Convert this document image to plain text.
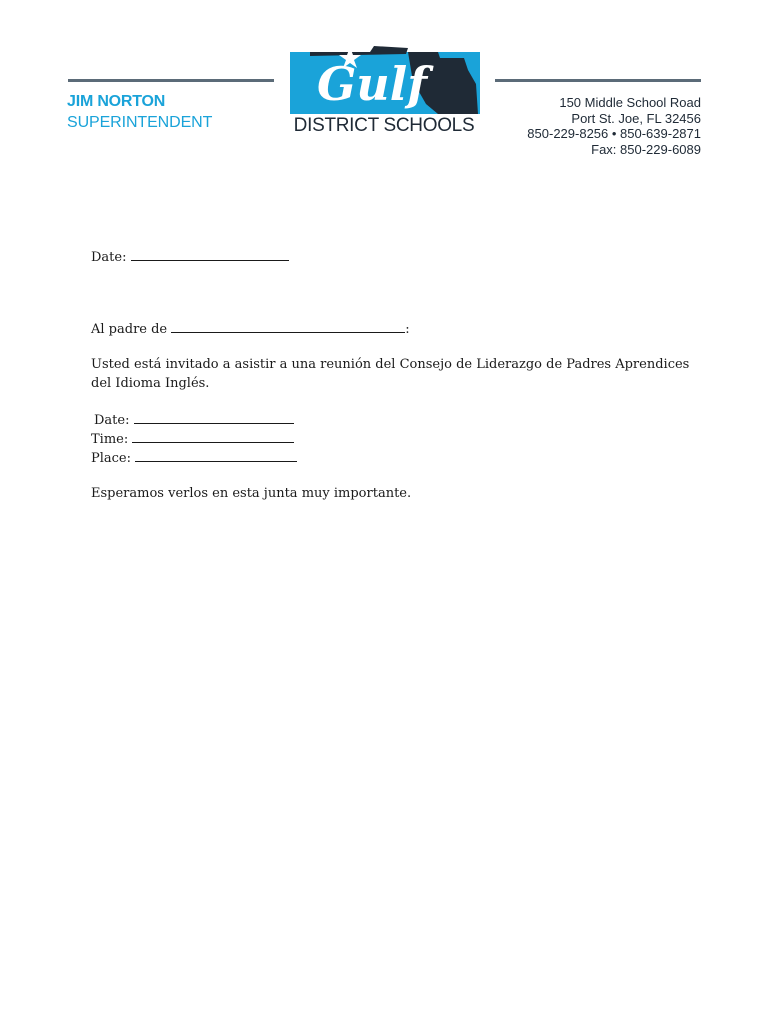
JIM NORTON
SUPERINTENDENT
Gulf
DISTRICT SCHOOLS
150 Middle School Road
Port St. Joe, FL 32456
850-229-8256 • 850-639-2871
Fax: 850-229-6089
Date:
Al padre de	:
Usted está invitado a asistir a una reunión del Consejo de Liderazgo de Padres Aprendices
del Idioma Inglés.
Date:
Time:
Place:
Esperamos verlos en esta junta muy importante.
